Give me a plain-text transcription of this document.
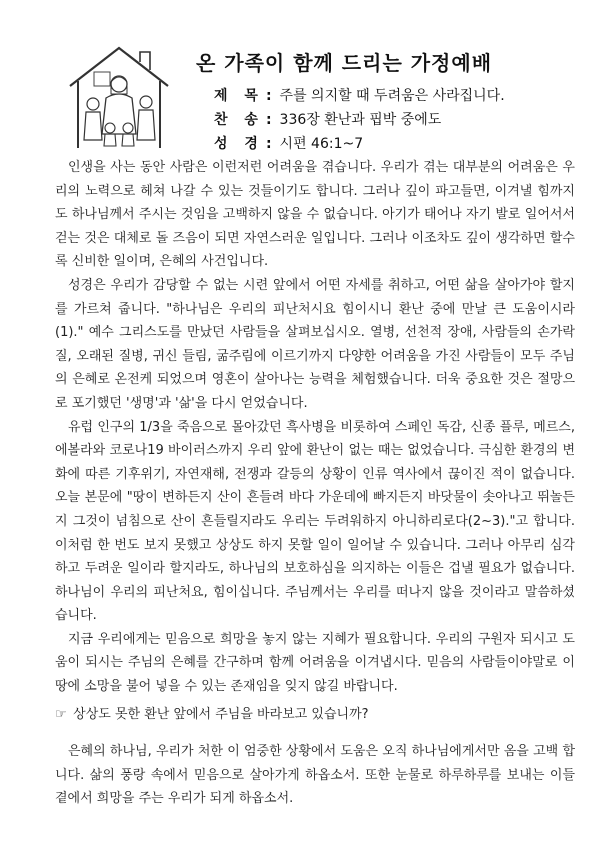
온 가족이 함께 드리는 가정예배
제 목 : 주를 의지할 때 두려움은 사라집니다.
찬 송 : 336장 환난과 핍박 중에도
성 경 : 시편 46:1~7

인생을 사는 동안 사람은 이런저런 어려움을 겪습니다. 우리가 겪는 대부분의 어려움은 우리의 노력으로 헤쳐 나갈 수 있는 것들이기도 합니다. 그러나 깊이 파고들면, 이겨낼 힘까지도 하나님께서 주시는 것임을 고백하지 않을 수 없습니다. 아기가 태어나 자기 발로 일어서서 걷는 것은 대체로 돌 즈음이 되면 자연스러운 일입니다. 그러나 이조차도 깊이 생각하면 할수록 신비한 일이며, 은혜의 사건입니다.

성경은 우리가 감당할 수 없는 시련 앞에서 어떤 자세를 취하고, 어떤 삶을 살아가야 할지를 가르쳐 줍니다. "하나님은 우리의 피난처시요 힘이시니 환난 중에 만날 큰 도움이시라(1)." 예수 그리스도를 만났던 사람들을 살펴보십시오. 열병, 선천적 장애, 사람들의 손가락질, 오래된 질병, 귀신 들림, 굶주림에 이르기까지 다양한 어려움을 가진 사람들이 모두 주님의 은혜로 온전케 되었으며 영혼이 살아나는 능력을 체험했습니다. 더욱 중요한 것은 절망으로 포기했던 '생명'과 '삶'을 다시 얻었습니다.

유럽 인구의 1/3을 죽음으로 몰아갔던 흑사병을 비롯하여 스페인 독감, 신종 플루, 메르스, 에볼라와 코로나19 바이러스까지 우리 앞에 환난이 없는 때는 없었습니다. 극심한 환경의 변화에 따른 기후위기, 자연재해, 전쟁과 갈등의 상황이 인류 역사에서 끊이진 적이 없습니다. 오늘 본문에 "땅이 변하든지 산이 흔들려 바다 가운데에 빠지든지 바닷물이 솟아나고 뛰놀든지 그것이 넘침으로 산이 흔들릴지라도 우리는 두려워하지 아니하리로다(2~3)."고 합니다. 이처럼 한 번도 보지 못했고 상상도 하지 못할 일이 일어날 수 있습니다. 그러나 아무리 심각하고 두려운 일이라 할지라도, 하나님의 보호하심을 의지하는 이들은 겁낼 필요가 없습니다. 하나님이 우리의 피난처요, 힘이십니다. 주님께서는 우리를 떠나지 않을 것이라고 말씀하셨습니다.

지금 우리에게는 믿음으로 희망을 놓지 않는 지혜가 필요합니다. 우리의 구원자 되시고 도움이 되시는 주님의 은혜를 간구하며 함께 어려움을 이겨냅시다. 믿음의 사람들이야말로 이 땅에 소망을 불어 넣을 수 있는 존재임을 잊지 않길 바랍니다.

☞ 상상도 못한 환난 앞에서 주님을 바라보고 있습니까?

은혜의 하나님, 우리가 처한 이 엄중한 상황에서 도움은 오직 하나님에게서만 옴을 고백 합니다. 삶의 풍랑 속에서 믿음으로 살아가게 하옵소서. 또한 눈물로 하루하루를 보내는 이들 곁에서 희망을 주는 우리가 되게 하옵소서.
